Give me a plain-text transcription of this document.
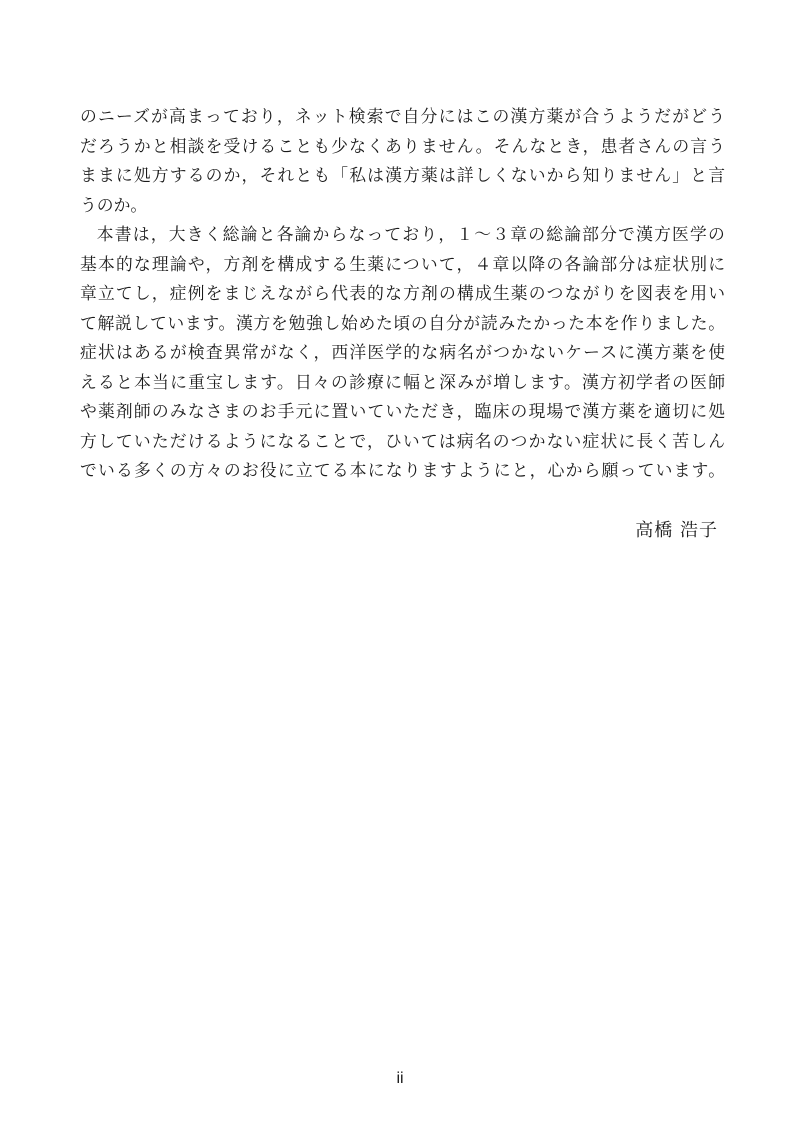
のニーズが高まっており，ネット検索で自分にはこの漢方薬が合うようだがどう
だろうかと相談を受けることも少なくありません。そんなとき，患者さんの言う
ままに処方するのか，それとも「私は漢方薬は詳しくないから知りません」と言
うのか。
本書は，大きく総論と各論からなっており，１～３章の総論部分で漢方医学の
基本的な理論や，方剤を構成する生薬について，４章以降の各論部分は症状別に
章立てし，症例をまじえながら代表的な方剤の構成生薬のつながりを図表を用い
て解説しています。漢方を勉強し始めた頃の自分が読みたかった本を作りました。
症状はあるが検査異常がなく，西洋医学的な病名がつかないケースに漢方薬を使
えると本当に重宝します。日々の診療に幅と深みが増します。漢方初学者の医師
や薬剤師のみなさまのお手元に置いていただき，臨床の現場で漢方薬を適切に処
方していただけるようになることで，ひいては病名のつかない症状に長く苦しん
でいる多くの方々のお役に立てる本になりますようにと，心から願っています。
高橋 浩子
ii
